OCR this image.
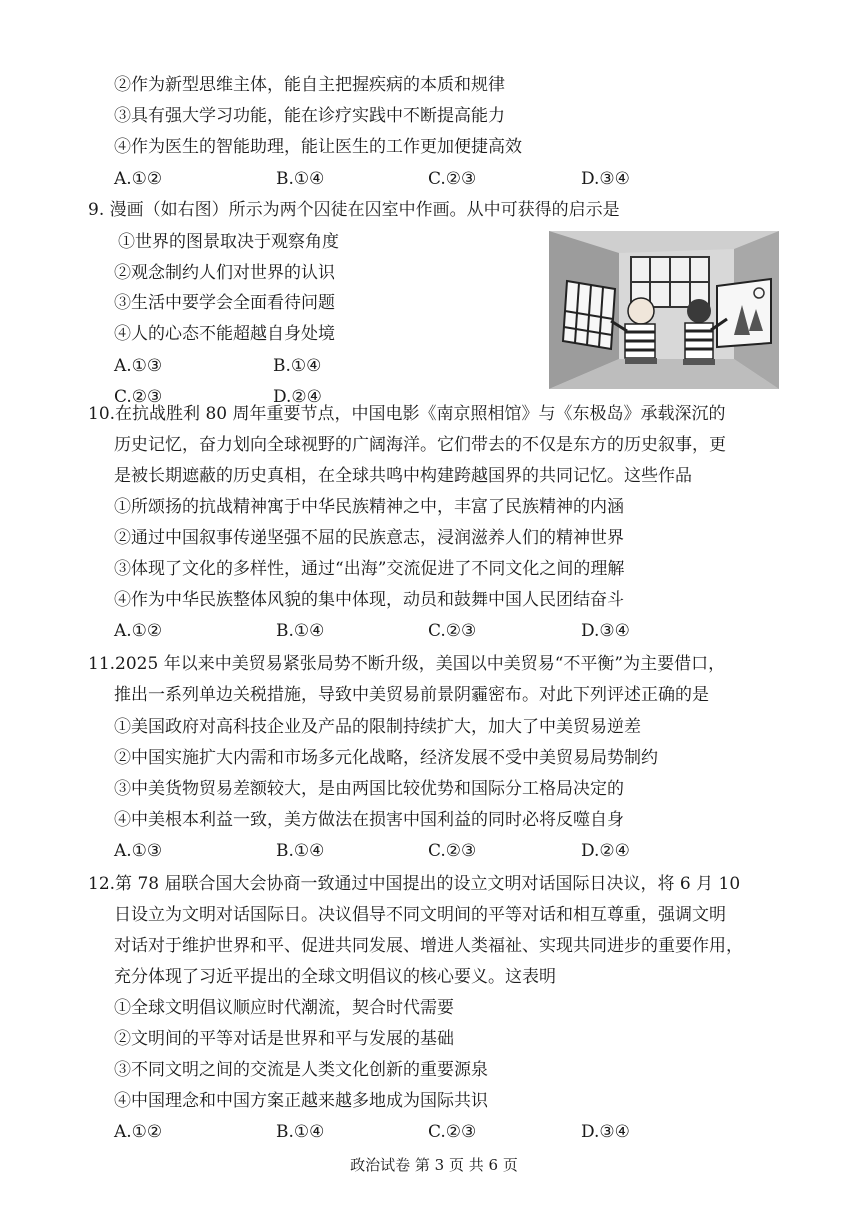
②作为新型思维主体，能自主把握疾病的本质和规律
③具有强大学习功能，能在诊疗实践中不断提高能力
④作为医生的智能助理，能让医生的工作更加便捷高效
A.①②	B.①④	C.②③	D.③④
9. 漫画（如右图）所示为两个囚徒在囚室中作画。从中可获得的启示是
①世界的图景取决于观察角度
②观念制约人们对世界的认识
③生活中要学会全面看待问题
④人的心态不能超越自身处境
A.①③	B.①④
C.②③	D.②④
10.在抗战胜利 80 周年重要节点，中国电影《南京照相馆》与《东极岛》承载深沉的
历史记忆，奋力划向全球视野的广阔海洋。它们带去的不仅是东方的历史叙事，更
是被长期遮蔽的历史真相，在全球共鸣中构建跨越国界的共同记忆。这些作品
①所颂扬的抗战精神寓于中华民族精神之中，丰富了民族精神的内涵
②通过中国叙事传递坚强不屈的民族意志，浸润滋养人们的精神世界
③体现了文化的多样性，通过“出海”交流促进了不同文化之间的理解
④作为中华民族整体风貌的集中体现，动员和鼓舞中国人民团结奋斗
A.①②	B.①④	C.②③	D.③④
11.2025 年以来中美贸易紧张局势不断升级，美国以中美贸易“不平衡”为主要借口，
推出一系列单边关税措施，导致中美贸易前景阴霾密布。对此下列评述正确的是
①美国政府对高科技企业及产品的限制持续扩大，加大了中美贸易逆差
②中国实施扩大内需和市场多元化战略，经济发展不受中美贸易局势制约
③中美货物贸易差额较大，是由两国比较优势和国际分工格局决定的
④中美根本利益一致，美方做法在损害中国利益的同时必将反噬自身
A.①③	B.①④	C.②③	D.②④
12.第 78 届联合国大会协商一致通过中国提出的设立文明对话国际日决议，将 6 月 10
日设立为文明对话国际日。决议倡导不同文明间的平等对话和相互尊重，强调文明
对话对于维护世界和平、促进共同发展、增进人类福祉、实现共同进步的重要作用，
充分体现了习近平提出的全球文明倡议的核心要义。这表明
①全球文明倡议顺应时代潮流，契合时代需要
②文明间的平等对话是世界和平与发展的基础
③不同文明之间的交流是人类文化创新的重要源泉
④中国理念和中国方案正越来越多地成为国际共识
A.①②	B.①④	C.②③	D.③④
政治试卷 第 3 页 共 6 页
